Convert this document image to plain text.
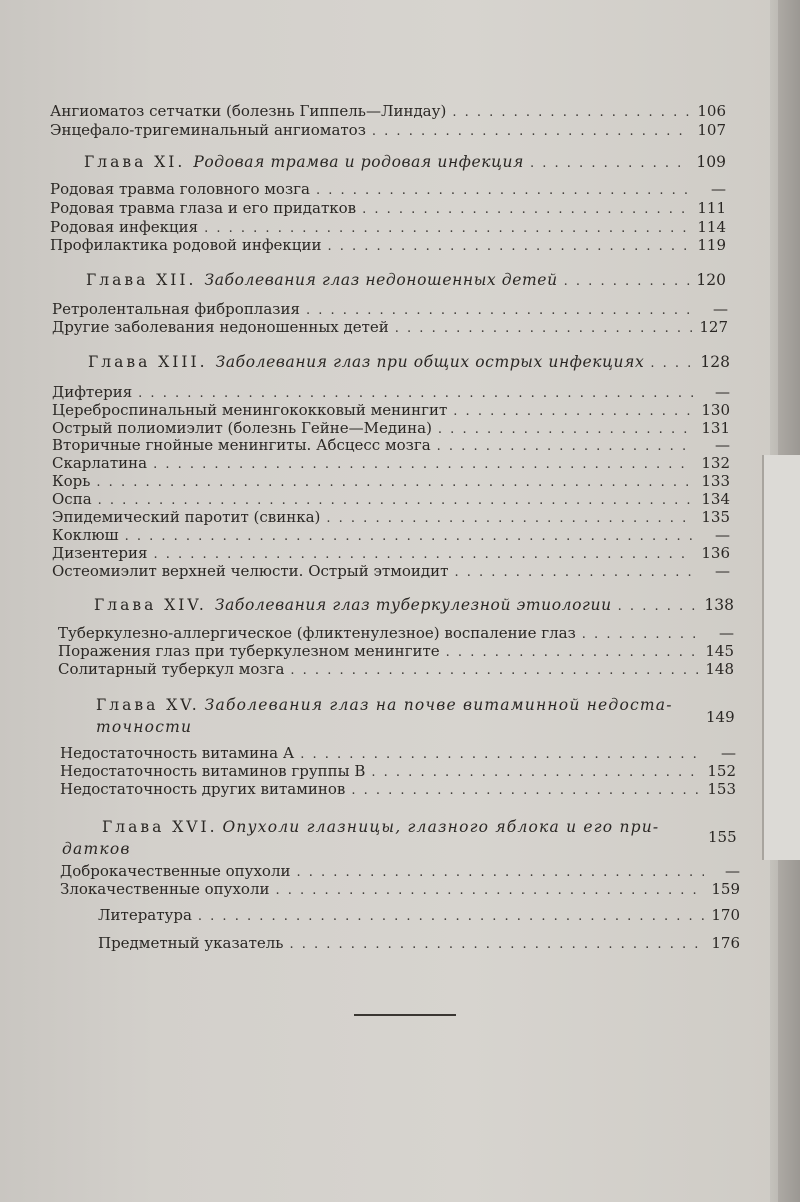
Ангиоматоз сетчатки (болезнь Гиппель—Линдау) . . .	106
Энцефало-тригеминальный ангиоматоз . . .	107
Глава XI. Родовая трамва и родовая инфекция . . .	109
Родовая травма головного мозга . . .	—
Родовая травма глаза и его придатков . . .	111
Родовая инфекция . . .	114
Профилактика родовой инфекции . . .	119
Глава XII. Заболевания глаз недоношенных детей . . .	120
Ретролентальная фиброплазия . . .	—
Другие заболевания недоношенных детей . . .	127
Глава XIII. Заболевания глаз при общих острых инфекциях . . .	128
Дифтерия . . .	—
Цереброспинальный менингококковый менингит . . .	130
Острый полиомиэлит (болезнь Гейне—Медина) . . .	131
Вторичные гнойные менингиты. Абсцесс мозга . . .	—
Скарлатина . . .	132
Корь . . .	133
Оспа . . .	134
Эпидемический паротит (свинка) . . .	135
Коклюш . . .	—
Дизентерия . . .	136
Остеомиэлит верхней челюсти. Острый этмоидит . . .	—
Глава XIV. Заболевания глаз туберкулезной этиологии . . .	138
Туберкулезно-аллергическое (фликтенулезное) воспаление глаз . . .	—
Поражения глаз при туберкулезном менингите . . .	145
Солитарный туберкул мозга . . .	148
Глава XV. Заболевания глаз на почве витаминной недоста-
точности
149
Недостаточность витамина А . . .	—
Недостаточность витаминов группы В . . .	152
Недостаточность других витаминов . . .	153
Глава XVI. Опухоли глазницы, глазного яблока и его при-
датков
155
Доброкачественные опухоли . . .	—
Злокачественные опухоли . . .	159
Литература . . .	170
Предметный указатель . . .	176
